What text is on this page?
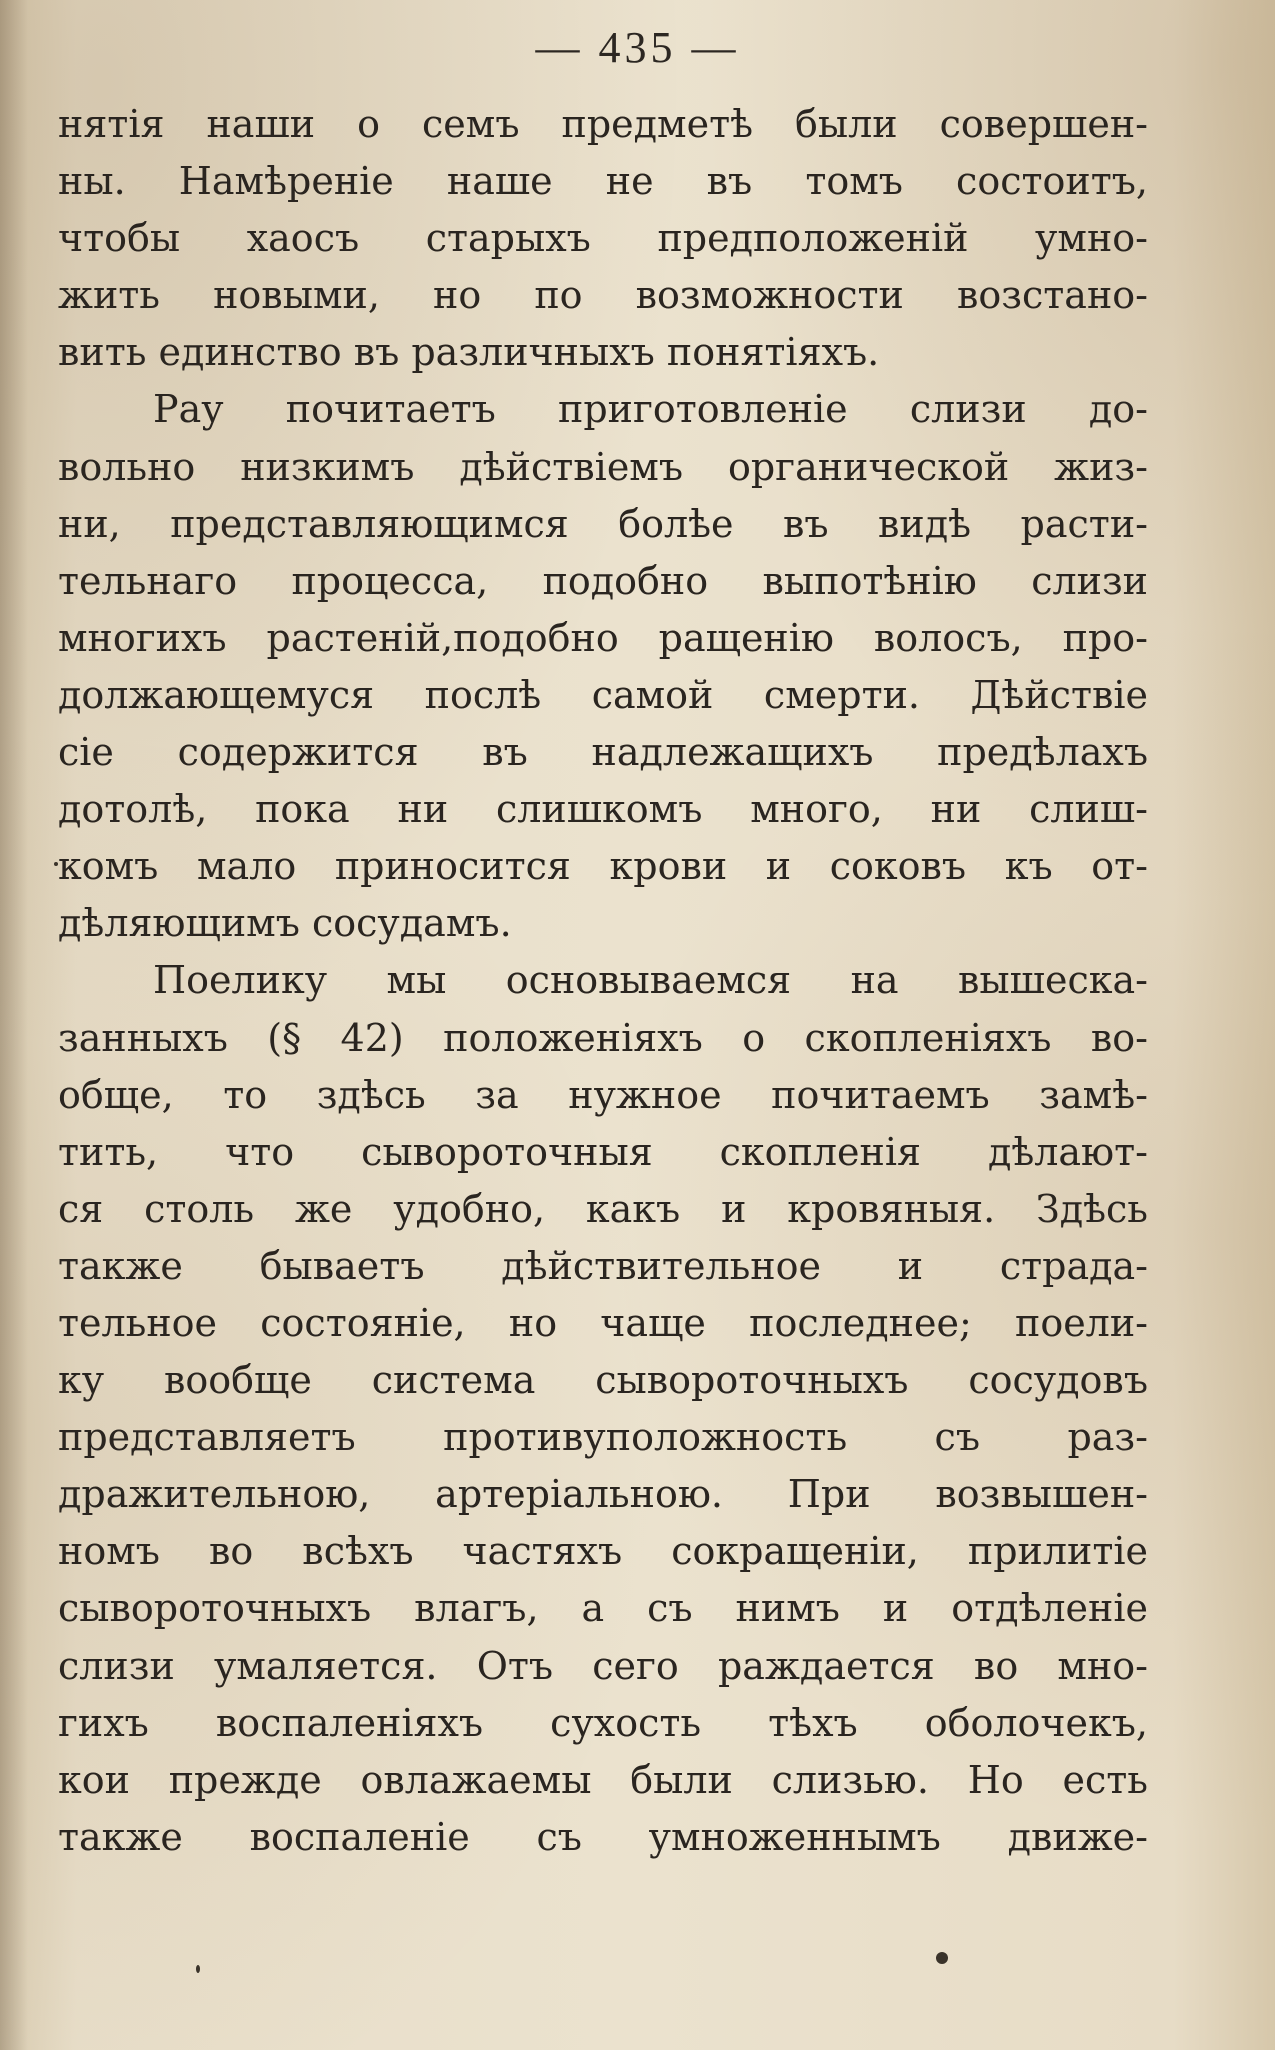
— 435 —
нятія наши о семъ предметѣ были совершен-
ны. Намѣреніе наше не въ томъ состоитъ,
чтобы хаосъ старыхъ предположеній умно-
жить новыми, но по возможности возстано-
вить единство въ различныхъ понятіяхъ.
Рау почитаетъ приготовленіе слизи до-
вольно низкимъ дѣйствіемъ органической жиз-
ни, представляющимся болѣе въ видѣ расти-
тельнаго процесса, подобно выпотѣнію слизи
многихъ растеній,подобно ращенію волосъ, про-
должающемуся послѣ самой смерти. Дѣйствіе
сіе содержится въ надлежащихъ предѣлахъ
дотолѣ, пока ни слишкомъ много, ни слиш-
комъ мало приносится крови и соковъ къ от-
дѣляющимъ сосудамъ.
Поелику мы основываемся на вышеска-
занныхъ (§ 42) положеніяхъ о скопленіяхъ во-
обще, то здѣсь за нужное почитаемъ замѣ-
тить, что сывороточныя скопленія дѣлают-
ся столь же удобно, какъ и кровяныя. Здѣсь
также бываетъ дѣйствительное и страда-
тельное состояніе, но чаще последнее; поели-
ку вообще система сывороточныхъ сосудовъ
представляетъ противуположность съ раз-
дражительною, артеріальною. При возвышен-
номъ во всѣхъ частяхъ сокращеніи, прилитіе
сывороточныхъ влагъ, а съ нимъ и отдѣленіе
слизи умаляется. Отъ сего раждается во мно-
гихъ воспаленіяхъ сухость тѣхъ оболочекъ,
кои прежде овлажаемы были слизью. Но есть
также воспаленіе съ умноженнымъ движе-
